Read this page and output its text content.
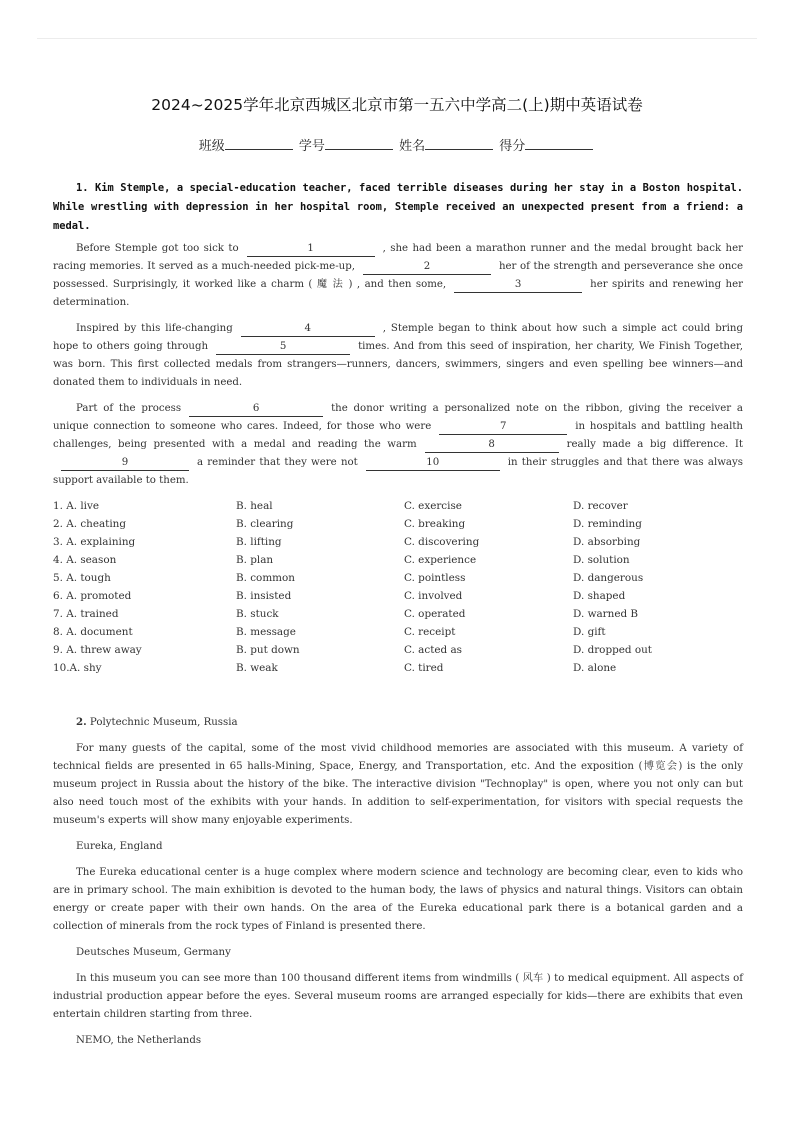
2024~2025学年北京西城区北京市第一五六中学高二(上)期中英语试卷
班级	学号	姓名	得分
1. Kim Stemple, a special-education teacher, faced terrible diseases during her stay in a Boston hospital. While wrestling with depression in her hospital room, Stemple received an unexpected present from a friend: a medal.

Before Stemple got too sick to	1	, she had been a marathon runner and the medal brought back her racing memories. It served as a much-needed pick-me-up,	2	her of the strength and perseverance she once possessed. Surprisingly, it worked like a charm ( 魔 法 ) , and then some,	3	her spirits and renewing her determination.

Inspired by this life-changing	4	, Stemple began to think about how such a simple act could bring hope to others going through	5	times. And from this seed of inspiration, her charity, We Finish Together, was born. This first collected medals from strangers—runners, dancers, swimmers, singers and even spelling bee winners—and donated them to individuals in need.

Part of the process	6	the donor writing a personalized note on the ribbon, giving the receiver a unique connection to someone who cares. Indeed, for those who were	7	in hospitals and battling health challenges, being presented with a medal and reading the warm	8	really made a big difference. It9	a reminder that they were not	10	in their struggles and that there was always support available to them.

1. A. live	B. heal	C. exercise	D. recover
2. A. cheating	B. clearing	C. breaking	D. reminding
3. A. explaining	B. lifting	C. discovering	D. absorbing
4. A. season	B. plan	C. experience	D. solution
5. A. tough	B. common	C. pointless	D. dangerous
6. A. promoted	B. insisted	C. involved	D. shaped
7. A. trained	B. stuck	C. operated	D. warned B
8. A. document	B. message	C. receipt	D. gift
9. A. threw away	B. put down	C. acted as	D. dropped out
10.A. shy	B. weak	C. tired	D. alone

2. Polytechnic Museum, Russia

For many guests of the capital, some of the most vivid childhood memories are associated with this museum. A variety of technical fields are presented in 65 halls-Mining, Space, Energy, and Transportation, etc. And the exposition (博览会) is the only museum project in Russia about the history of the bike. The interactive division "Technoplay" is open, where you not only can but also need touch most of the exhibits with your hands. In addition to self-experimentation, for visitors with special requests the museum's experts will show many enjoyable experiments.

Eureka, England

The Eureka educational center is a huge complex where modern science and technology are becoming clear, even to kids who are in primary school. The main exhibition is devoted to the human body, the laws of physics and natural things. Visitors can obtain energy or create paper with their own hands. On the area of the Eureka educational park there is a botanical garden and a collection of minerals from the rock types of Finland is presented there.

Deutsches Museum, Germany

In this museum you can see more than 100 thousand different items from windmills ( 风车 ) to medical equipment. All aspects of industrial production appear before the eyes. Several museum rooms are arranged especially for kids—there are exhibits that even entertain children starting from three.

NEMO, the Netherlands
